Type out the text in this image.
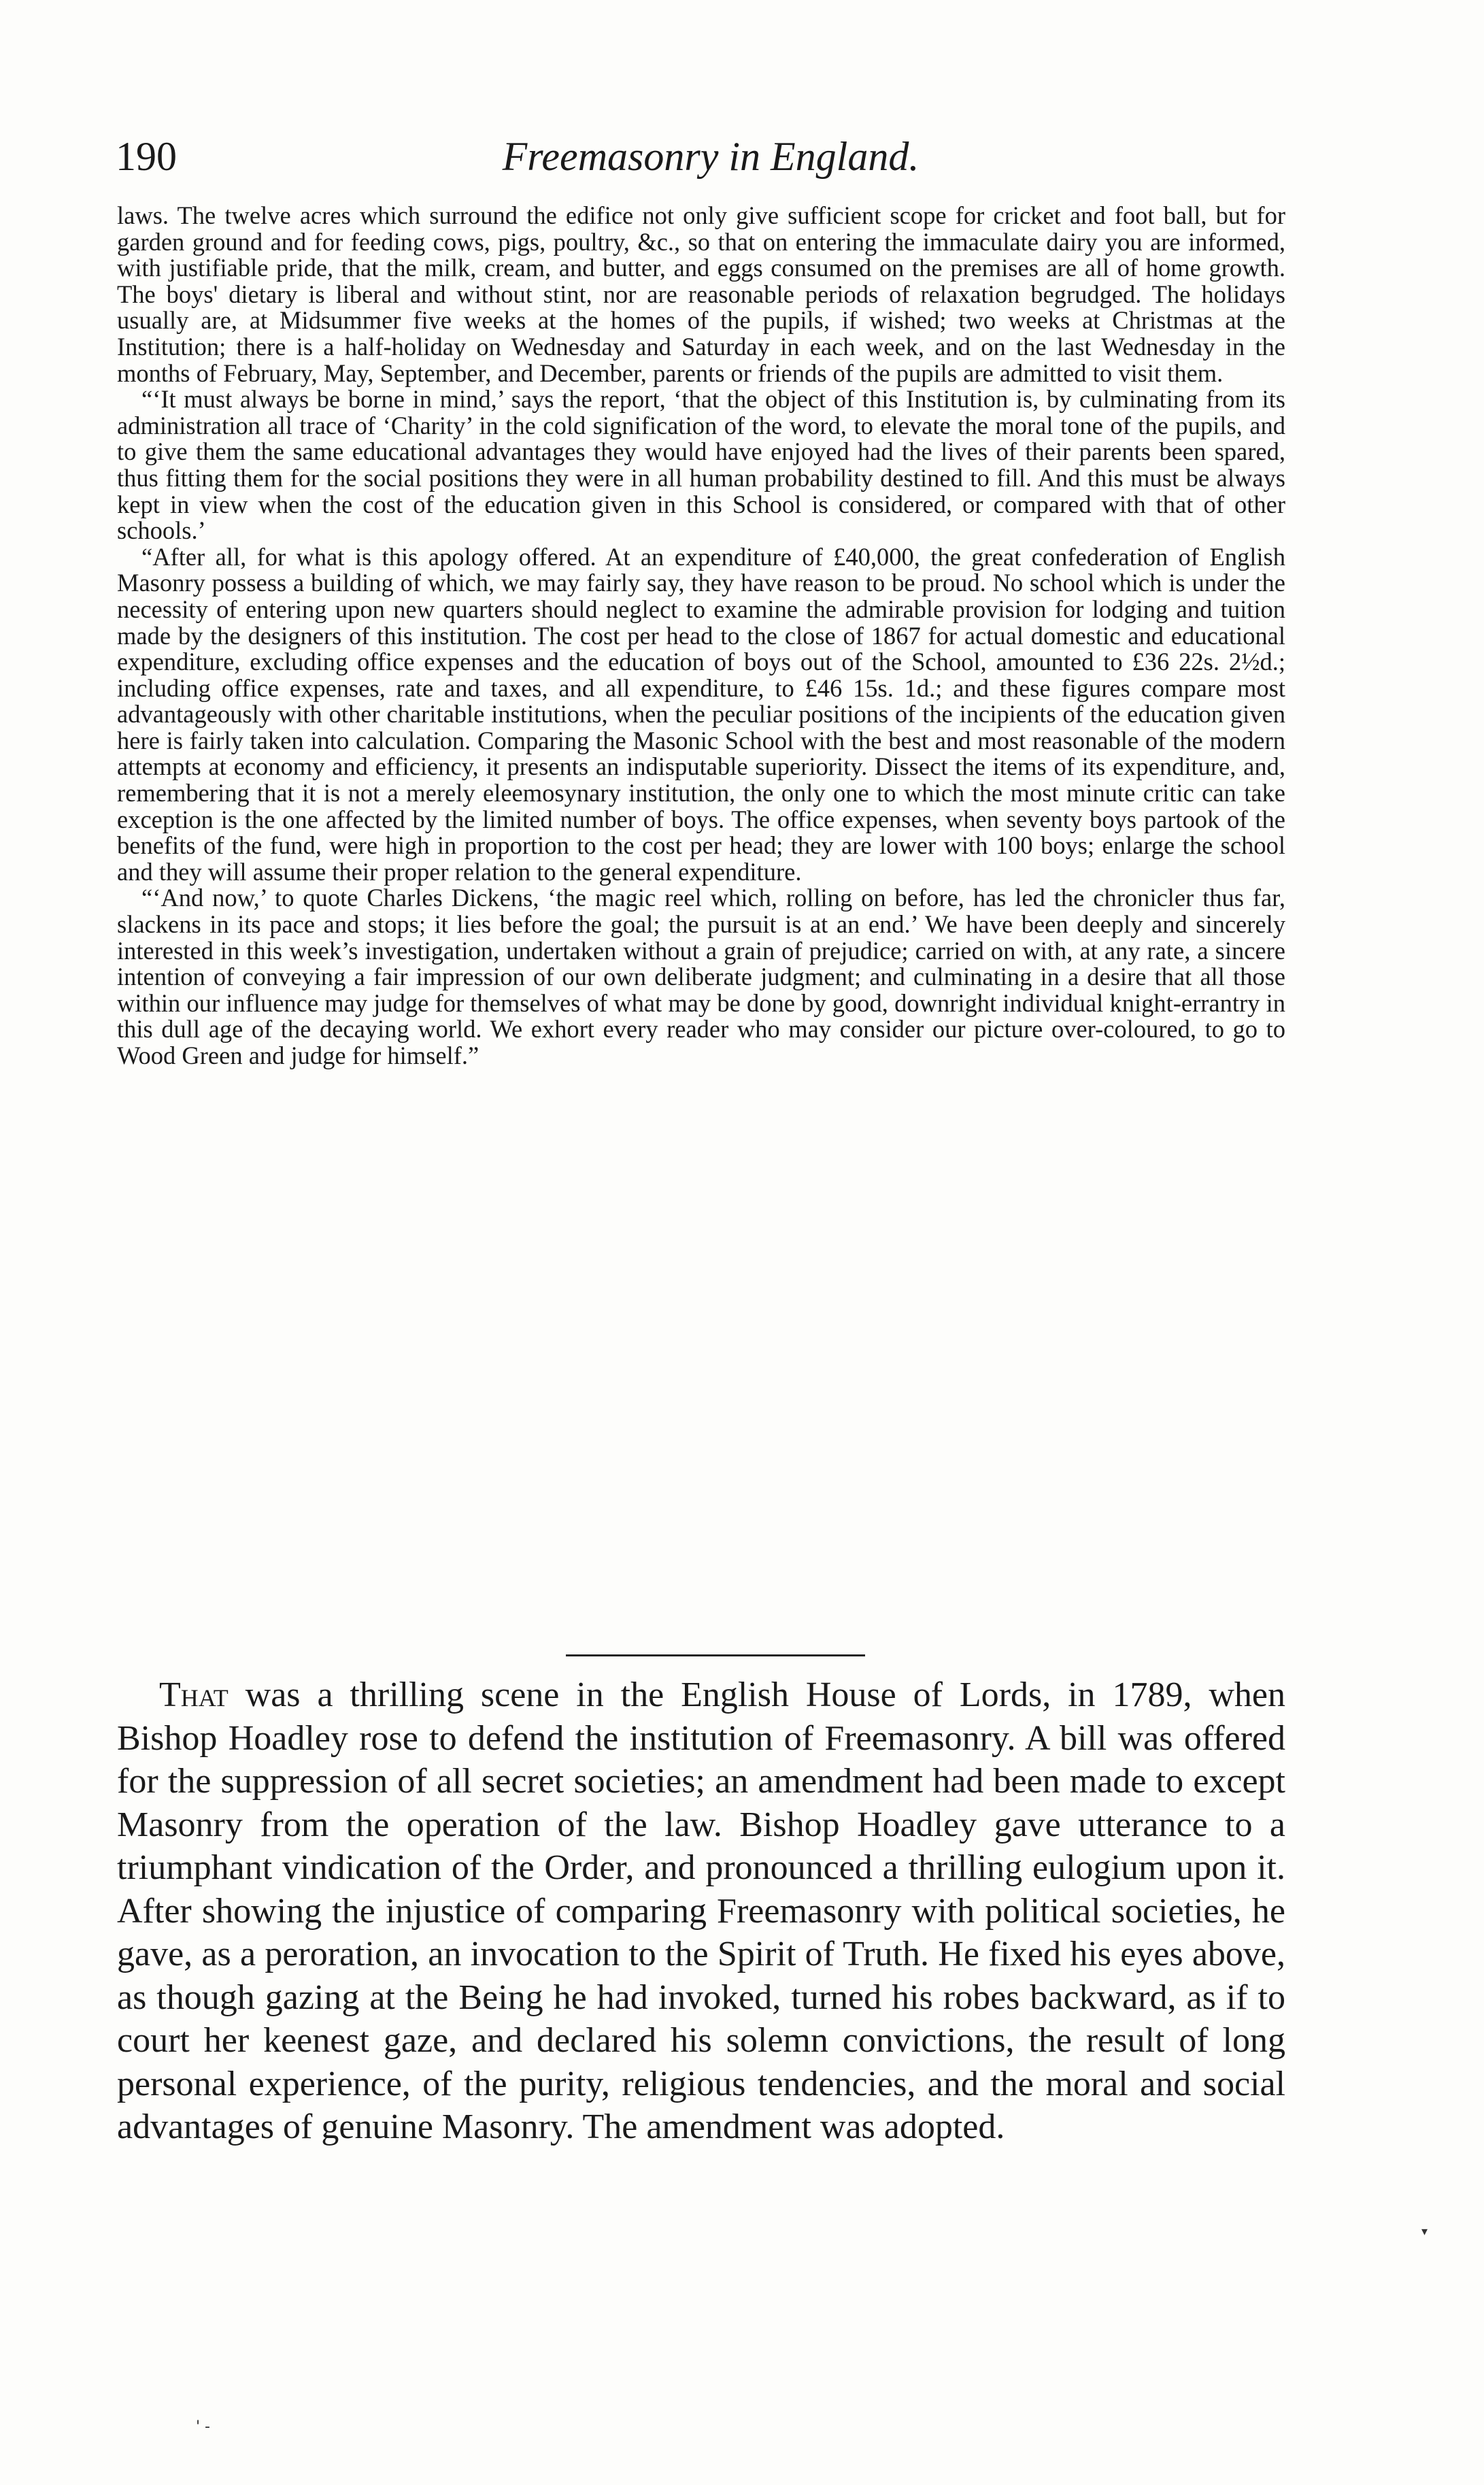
190	Freemasonry in England.

laws. The twelve acres which surround the edifice not only give sufficient scope for cricket and foot ball, but for garden ground and for feeding cows, pigs, poultry, &c., so that on entering the immaculate dairy you are informed, with justifiable pride, that the milk, cream, and butter, and eggs consumed on the premises are all of home growth. The boys' dietary is liberal and without stint, nor are reasonable periods of relaxation begrudged. The holidays usually are, at Midsummer five weeks at the homes of the pupils, if wished; two weeks at Christmas at the Institution; there is a half-holiday on Wednesday and Saturday in each week, and on the last Wednesday in the months of February, May, September, and December, parents or friends of the pupils are admitted to visit them.

“‘It must always be borne in mind,’ says the report, ‘that the object of this Institution is, by culminating from its administration all trace of ‘Charity’ in the cold signification of the word, to elevate the moral tone of the pupils, and to give them the same educational advantages they would have enjoyed had the lives of their parents been spared, thus fitting them for the social positions they were in all human probability destined to fill. And this must be always kept in view when the cost of the education given in this School is considered, or compared with that of other schools.’

“After all, for what is this apology offered. At an expenditure of £40,000, the great confederation of English Masonry possess a building of which, we may fairly say, they have reason to be proud. No school which is under the necessity of entering upon new quarters should neglect to examine the admirable provision for lodging and tuition made by the designers of this institution. The cost per head to the close of 1867 for actual domestic and educational expenditure, excluding office expenses and the education of boys out of the School, amounted to £36 22s. 2½d.; including office expenses, rate and taxes, and all expenditure, to £46 15s. 1d.; and these figures compare most advantageously with other charitable institutions, when the peculiar positions of the incipients of the education given here is fairly taken into calculation. Comparing the Masonic School with the best and most reasonable of the modern attempts at economy and efficiency, it presents an indisputable superiority. Dissect the items of its expenditure, and, remembering that it is not a merely eleemosynary institution, the only one to which the most minute critic can take exception is the one affected by the limited number of boys. The office expenses, when seventy boys partook of the benefits of the fund, were high in proportion to the cost per head; they are lower with 100 boys; enlarge the school and they will assume their proper relation to the general expenditure.

“‘And now,’ to quote Charles Dickens, ‘the magic reel which, rolling on before, has led the chronicler thus far, slackens in its pace and stops; it lies before the goal; the pursuit is at an end.’ We have been deeply and sincerely interested in this week’s investigation, undertaken without a grain of prejudice; carried on with, at any rate, a sincere intention of conveying a fair impression of our own deliberate judgment; and culminating in a desire that all those within our influence may judge for themselves of what may be done by good, downright individual knight-errantry in this dull age of the decaying world. We exhort every reader who may consider our picture over-coloured, to go to Wood Green and judge for himself.”

That was a thrilling scene in the English House of Lords, in 1789, when Bishop Hoadley rose to defend the institution of Freemasonry. A bill was offered for the suppression of all secret societies; an amendment had been made to except Masonry from the operation of the law. Bishop Hoadley gave utterance to a triumphant vindication of the Order, and pronounced a thrilling eulogium upon it. After showing the injustice of comparing Freemasonry with political societies, he gave, as a peroration, an invocation to the Spirit of Truth. He fixed his eyes above, as though gazing at the Being he had invoked, turned his robes backward, as if to court her keenest gaze, and declared his solemn convictions, the result of long personal experience, of the purity, religious tendencies, and the moral and social advantages of genuine Masonry. The amendment was adopted.

▾
' -
